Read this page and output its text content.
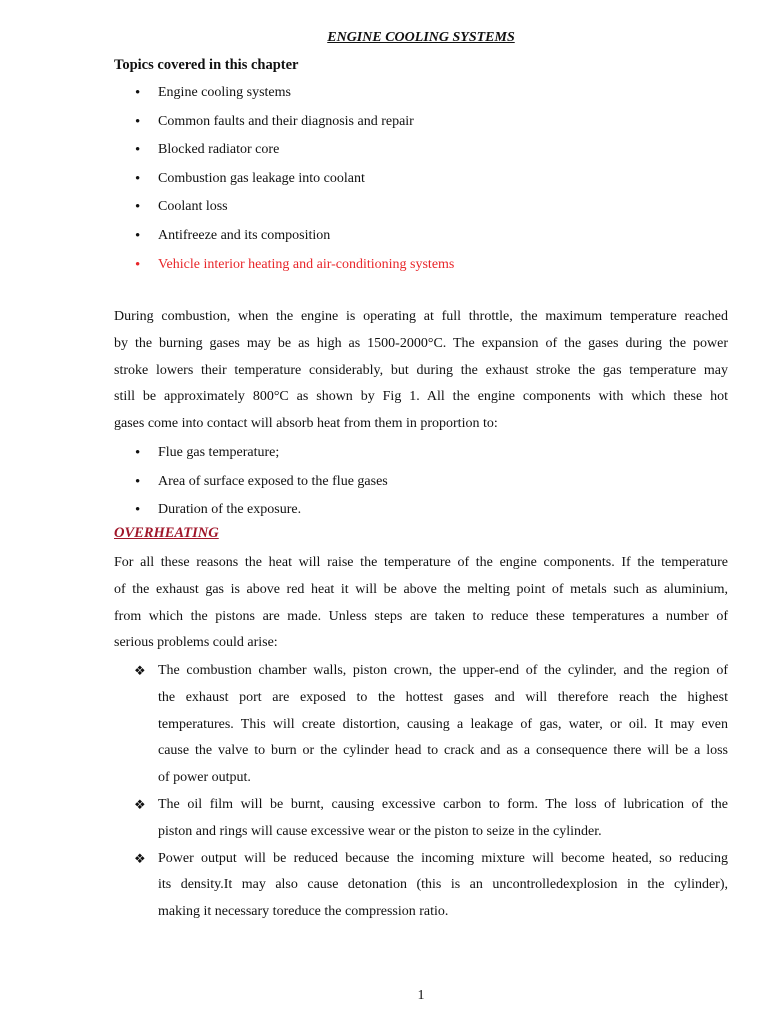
ENGINE COOLING SYSTEMS
Topics covered in this chapter
• Engine cooling systems
• Common faults and their diagnosis and repair
• Blocked radiator core
• Combustion gas leakage into coolant
• Coolant loss
• Antifreeze and its composition
• Vehicle interior heating and air-conditioning systems

During combustion, when the engine is operating at full throttle, the maximum temperature reached
by the burning gases may be as high as 1500-2000°C. The expansion of the gases during the power
stroke lowers their temperature considerably, but during the exhaust stroke the gas temperature may
still be approximately 800°C as shown by Fig 1. All the engine components with which these hot
gases come into contact will absorb heat from them in proportion to:

• Flue gas temperature;
• Area of surface exposed to the flue gases
• Duration of the exposure.
OVERHEATING

For all these reasons the heat will raise the temperature of the engine components. If the temperature
of the exhaust gas is above red heat it will be above the melting point of metals such as aluminium,
from which the pistons are made. Unless steps are taken to reduce these temperatures a number of
serious problems could arise:

❖ The combustion chamber walls, piston crown, the upper-end of the cylinder, and the region of
the exhaust port are exposed to the hottest gases and will therefore reach the highest
temperatures. This will create distortion, causing a leakage of gas, water, or oil. It may even
cause the valve to burn or the cylinder head to crack and as a consequence there will be a loss
of power output.
❖ The oil film will be burnt, causing excessive carbon to form. The loss of lubrication of the
piston and rings will cause excessive wear or the piston to seize in the cylinder.
❖ Power output will be reduced because the incoming mixture will become heated, so reducing
its density.It may also cause detonation (this is an uncontrolledexplosion in the cylinder),
making it necessary toreduce the compression ratio.
1
